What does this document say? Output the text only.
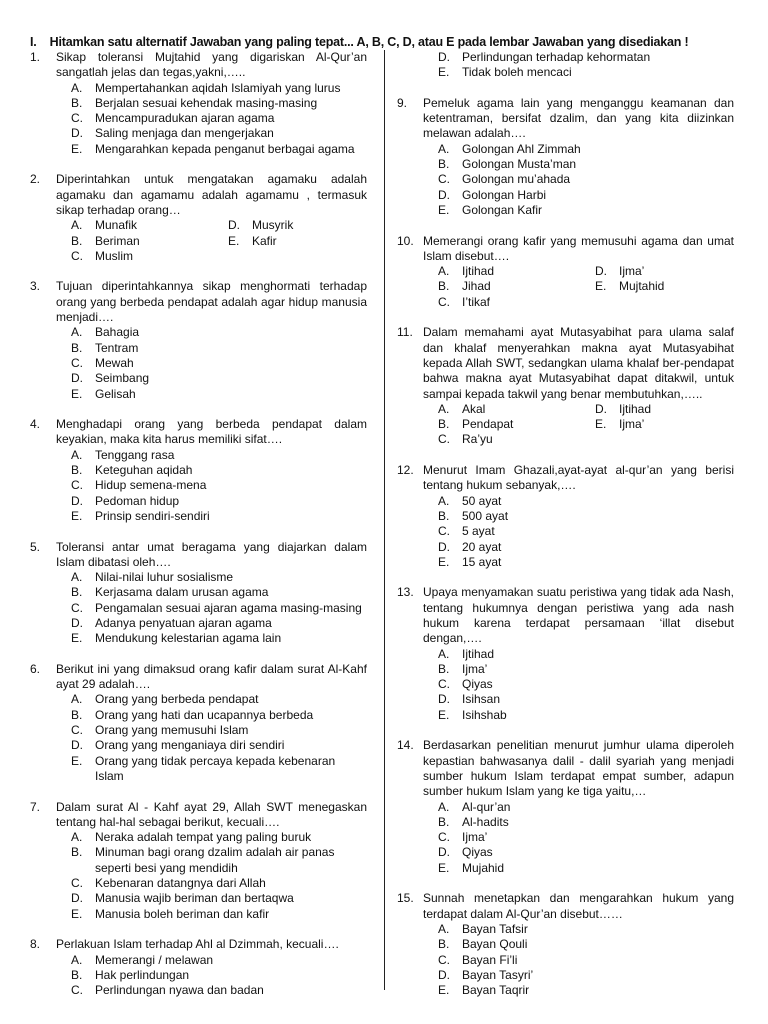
I. Hitamkan satu alternatif Jawaban yang paling tepat... A, B, C, D, atau E pada lembar Jawaban yang disediakan !
1.	Sikap toleransi Mujtahid yang digariskan Al-Qur’an sangatlah jelas dan tegas,yakni,…..
A.	Mempertahankan aqidah Islamiyah yang lurus
B.	Berjalan sesuai kehendak masing-masing
C.	Mencampuradukan ajaran agama
D.	Saling menjaga dan mengerjakan
E.	Mengarahkan kepada penganut berbagai agama
2.	Diperintahkan untuk mengatakan agamaku adalah agamaku dan agamamu adalah agamamu , termasuk sikap terhadap orang…
A.	Munafik	D.	Musyrik
B.	Beriman	E.	Kafir
C.	Muslim
3.	Tujuan diperintahkannya sikap menghormati terhadap orang yang berbeda pendapat adalah agar hidup manusia menjadi….
A.	Bahagia
B.	Tentram
C.	Mewah
D.	Seimbang
E.	Gelisah
4.	Menghadapi orang yang berbeda pendapat dalam keyakian, maka kita harus memiliki sifat….
A.	Tenggang rasa
B.	Keteguhan aqidah
C.	Hidup semena-mena
D.	Pedoman hidup
E.	Prinsip sendiri-sendiri
5.	Toleransi antar umat beragama yang diajarkan dalam Islam dibatasi oleh….
A.	Nilai-nilai luhur sosialisme
B.	Kerjasama dalam urusan agama
C.	Pengamalan sesuai ajaran agama masing-masing
D.	Adanya penyatuan ajaran agama
E.	Mendukung kelestarian agama lain
6.	Berikut ini yang dimaksud orang kafir dalam surat Al-Kahf ayat 29 adalah….
A.	Orang yang berbeda pendapat
B.	Orang yang hati dan ucapannya berbeda
C.	Orang yang memusuhi Islam
D.	Orang yang menganiaya diri sendiri
E.	Orang yang tidak percaya kepada kebenaran Islam
7.	Dalam surat Al - Kahf ayat 29, Allah SWT menegaskan tentang hal-hal sebagai berikut, kecuali….
A.	Neraka adalah tempat yang paling buruk
B.	Minuman bagi orang dzalim adalah air panas seperti besi yang mendidih
C.	Kebenaran datangnya dari Allah
D.	Manusia wajib beriman dan bertaqwa
E.	Manusia boleh beriman dan kafir
8.	Perlakuan Islam terhadap Ahl al Dzimmah, kecuali….
A.	Memerangi / melawan
B.	Hak perlindungan
C.	Perlindungan nyawa dan badan
D.	Perlindungan terhadap kehormatan
E.	Tidak boleh mencaci
9.	Pemeluk agama lain yang menganggu keamanan dan ketentraman, bersifat dzalim, dan yang kita diizinkan melawan adalah….
A.	Golongan Ahl Zimmah
B.	Golongan Musta’man
C.	Golongan mu’ahada
D.	Golongan Harbi
E.	Golongan Kafir
10. Memerangi orang kafir yang memusuhi agama dan umat Islam disebut….
A.	Ijtihad	D.	Ijma’
B.	Jihad	E.	Mujtahid
C.	I’tikaf
11. Dalam memahami ayat Mutasyabihat para ulama salaf dan khalaf menyerahkan makna ayat Mutasyabihat kepada Allah SWT, sedangkan ulama khalaf ber-pendapat bahwa makna ayat Mutasyabihat dapat ditakwil, untuk sampai kepada takwil yang benar membutuhkan,…..
A.	Akal	D.	Ijtihad
B.	Pendapat	E.	Ijma’
C.	Ra’yu
12. Menurut Imam Ghazali,ayat-ayat al-qur’an yang berisi tentang hukum sebanyak,….
A.	50 ayat
B.	500 ayat
C.	5 ayat
D.	20 ayat
E.	15 ayat
13. Upaya menyamakan suatu peristiwa yang tidak ada Nash, tentang hukumnya dengan peristiwa yang ada nash hukum karena terdapat persamaan ‘illat disebut dengan,….
A.	Ijtihad
B.	Ijma’
C.	Qiyas
D.	Isihsan
E.	Isihshab
14. Berdasarkan penelitian menurut jumhur ulama diperoleh kepastian bahwasanya dalil - dalil syariah yang menjadi sumber hukum Islam terdapat empat sumber, adapun sumber hukum Islam yang ke tiga yaitu,…
A.	Al-qur’an
B.	Al-hadits
C.	Ijma’
D.	Qiyas
E.	Mujahid
15. Sunnah menetapkan dan mengarahkan hukum yang terdapat dalam Al-Qur’an disebut……
A.	Bayan Tafsir
B.	Bayan Qouli
C.	Bayan Fi’li
D.	Bayan Tasyri’
E.	Bayan Taqrir
